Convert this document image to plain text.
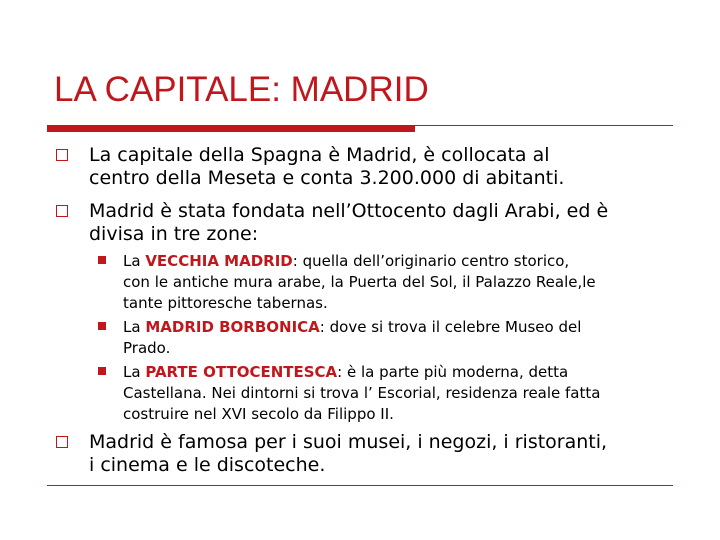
LA CAPITALE: MADRID
La capitale della Spagna è Madrid, è collocata al
centro della Meseta e conta 3.200.000 di abitanti.
Madrid è stata fondata nell’Ottocento dagli Arabi, ed è
divisa in tre zone:
La VECCHIA MADRID: quella dell’originario centro storico,
con le antiche mura arabe, la Puerta del Sol, il Palazzo Reale,le
tante pittoresche tabernas.
La MADRID BORBONICA: dove si trova il celebre Museo del
Prado.
La PARTE OTTOCENTESCA: è la parte più moderna, detta
Castellana. Nei dintorni si trova l’ Escorial, residenza reale fatta
costruire nel XVI secolo da Filippo II.
Madrid è famosa per i suoi musei, i negozi, i ristoranti,
i cinema e le discoteche.
